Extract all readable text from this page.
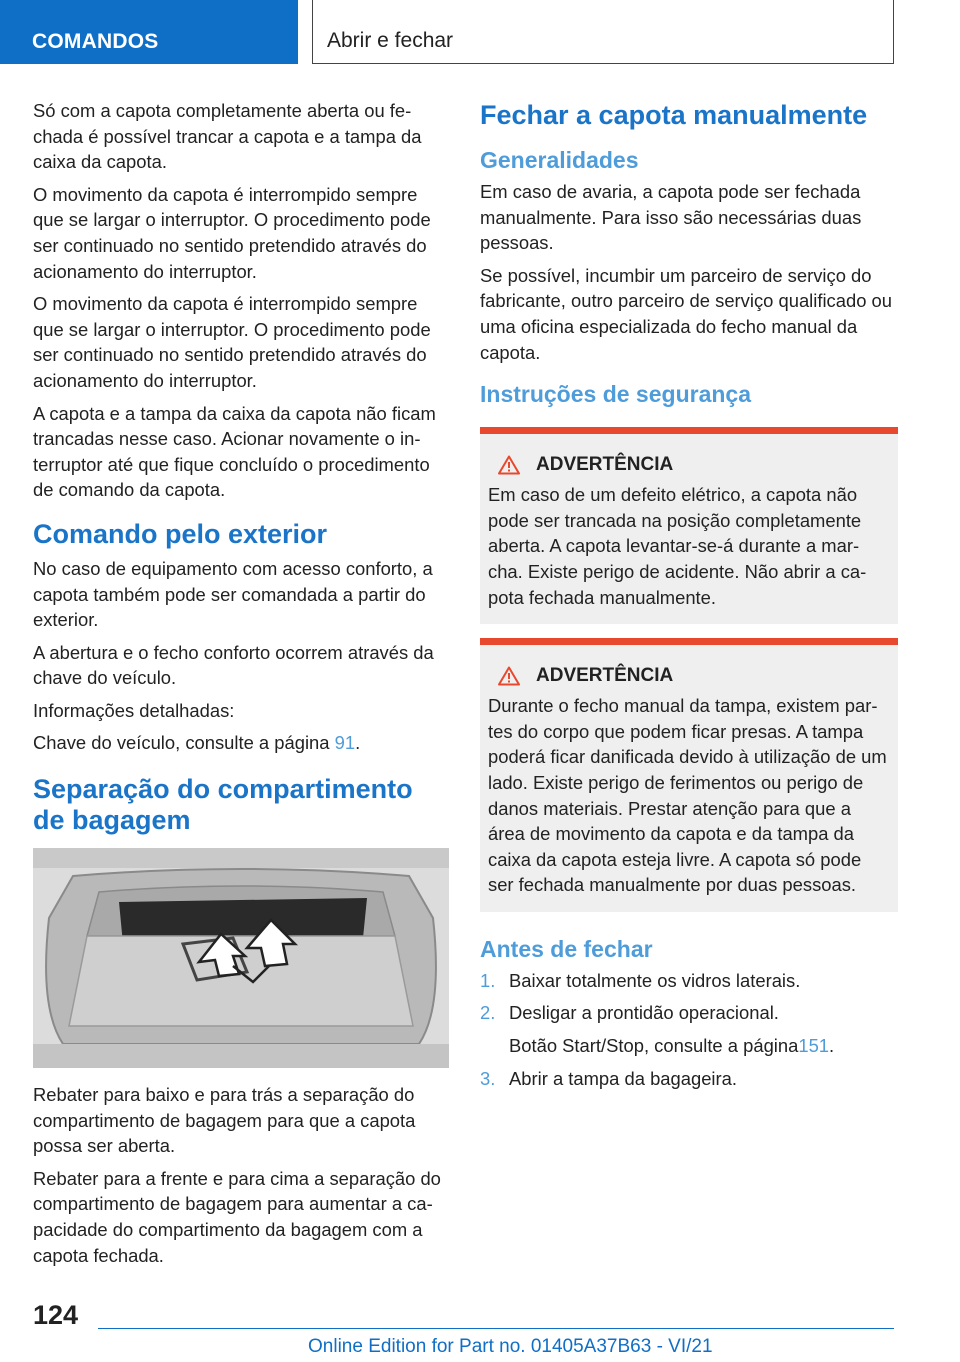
COMANDOS	Abrir e fechar

Só com a capota completamente aberta ou fe-chada é possível trancar a capota e a tampa da caixa da capota.

O movimento da capota é interrompido sempre que se largar o interruptor. O procedimento pode ser continuado no sentido pretendido através do acionamento do interruptor.

O movimento da capota é interrompido sempre que se largar o interruptor. O procedimento pode ser continuado no sentido pretendido através do acionamento do interruptor.

A capota e a tampa da caixa da capota não ficam trancadas nesse caso. Acionar novamente o in-terruptor até que fique concluído o procedimento de comando da capota.

Comando pelo exterior

No caso de equipamento com acesso conforto, a capota também pode ser comandada a partir do exterior.

A abertura e o fecho conforto ocorrem através da chave do veículo.

Informações detalhadas:

Chave do veículo, consulte a página 91.

Separação do compartimento de bagagem

Rebater para baixo e para trás a separação do compartimento de bagagem para que a capota possa ser aberta.

Rebater para a frente e para cima a separação do compartimento de bagagem para aumentar a ca-pacidade do compartimento da bagagem com a capota fechada.

Fechar a capota manualmente
Generalidades

Em caso de avaria, a capota pode ser fechada manualmente. Para isso são necessárias duas pessoas.

Se possível, incumbir um parceiro de serviço do fabricante, outro parceiro de serviço qualificado ou uma oficina especializada do fecho manual da capota.

Instruções de segurança
ADVERTÊNCIA

Em caso de um defeito elétrico, a capota não pode ser trancada na posição completamente aberta. A capota levantar-se-á durante a mar-cha. Existe perigo de acidente. Não abrir a ca-pota fechada manualmente.

ADVERTÊNCIA

Durante o fecho manual da tampa, existem par-tes do corpo que podem ficar presas. A tampa poderá ficar danificada devido à utilização de um lado. Existe perigo de ferimentos ou perigo de danos materiais. Prestar atenção para que a área de movimento da capota e da tampa da caixa da capota esteja livre. A capota só pode ser fechada manualmente por duas pessoas.

Antes de fechar
1. Baixar totalmente os vidros laterais.
2. Desligar a prontidão operacional.
Botão Start/Stop, consulte a página 151 .
3. Abrir a tampa da bagageira.
124
Online Edition for Part no. 01405A37B63 - VI/21
